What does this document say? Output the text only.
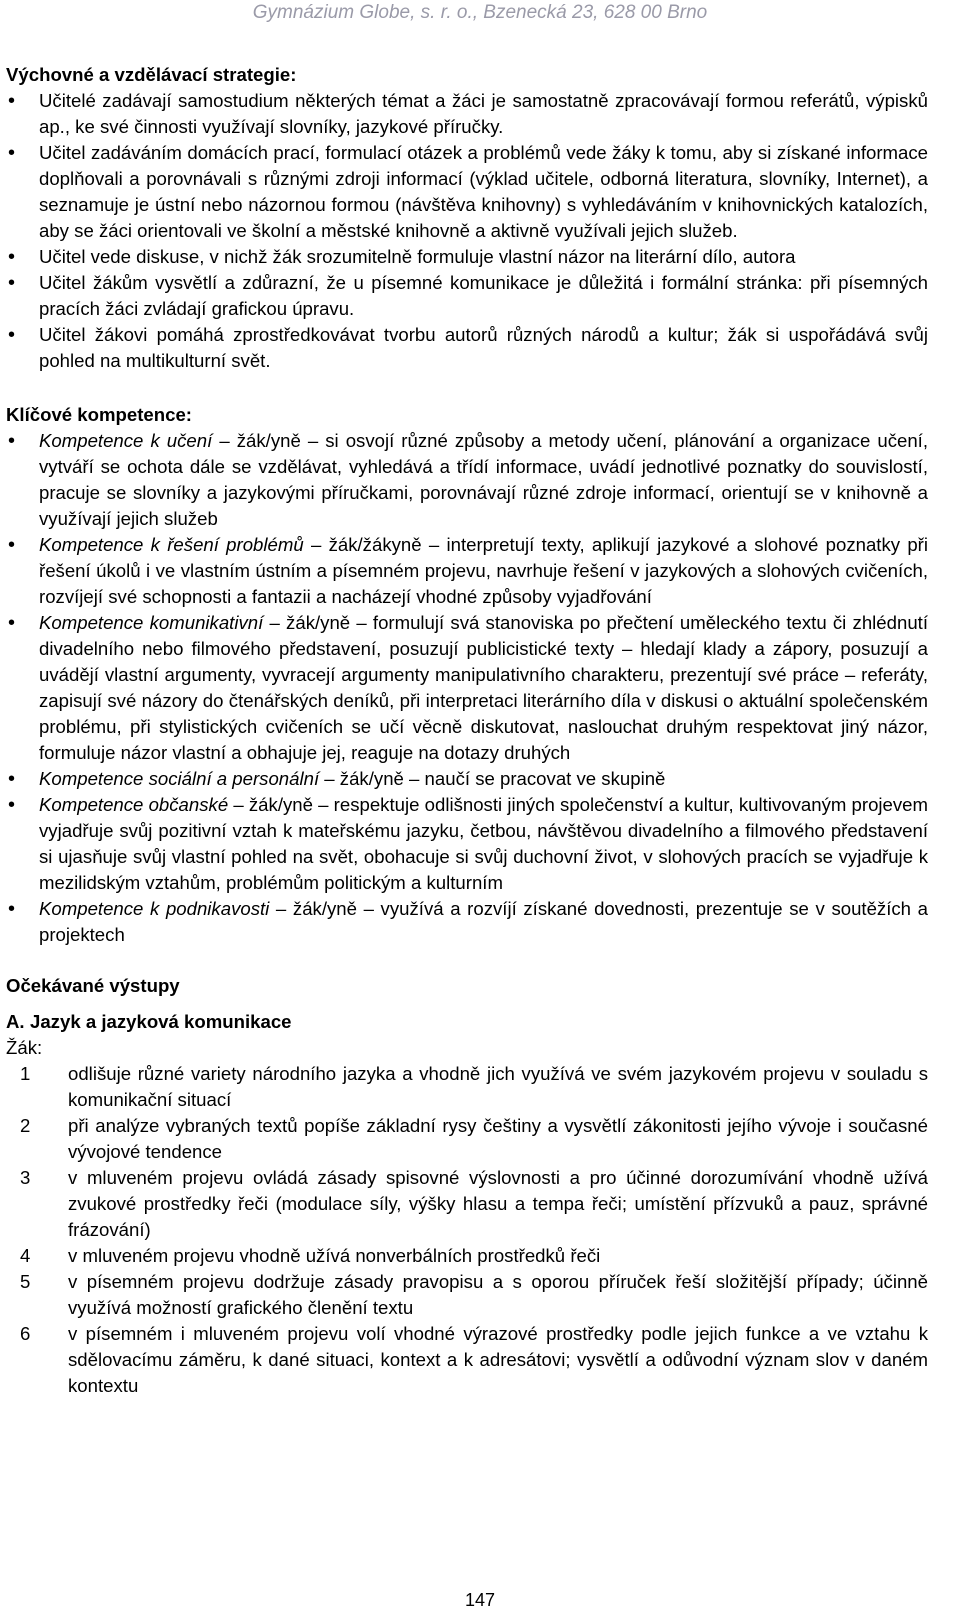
Gymnázium Globe, s. r. o., Bzenecká 23, 628 00 Brno

Výchovné a vzdělávací strategie:

• Učitelé zadávají samostudium některých témat a žáci je samostatně zpracovávají formou referátů, výpisků ap., ke své činnosti využívají slovníky, jazykové příručky.
• Učitel zadáváním domácích prací, formulací otázek a problémů vede žáky k tomu, aby si získané informace doplňovali a porovnávali s různými zdroji informací (výklad učitele, odborná literatura, slovníky, Internet), a seznamuje je ústní nebo názornou formou (návštěva knihovny) s vyhledáváním v knihovnických katalozích, aby se žáci orientovali ve školní a městské knihovně a aktivně využívali jejich služeb.
• Učitel vede diskuse, v nichž žák srozumitelně formuluje vlastní názor na literární dílo, autora
• Učitel žákům vysvětlí a zdůrazní, že u písemné komunikace je důležitá i formální stránka: při písemných pracích žáci zvládají grafickou úpravu.
• Učitel žákovi pomáhá zprostředkovávat tvorbu autorů různých národů a kultur; žák si uspořádává svůj pohled na multikulturní svět.

Klíčové kompetence:

• Kompetence k učení – žák/yně – si osvojí různé způsoby a metody učení, plánování a organizace učení, vytváří se ochota dále se vzdělávat, vyhledává a třídí informace, uvádí jednotlivé poznatky do souvislostí, pracuje se slovníky a jazykovými příručkami, porovnávají různé zdroje informací, orientují se v knihovně a využívají jejich služeb
• Kompetence k řešení problémů – žák/žákyně – interpretují texty, aplikují jazykové a slohové poznatky při řešení úkolů i ve vlastním ústním a písemném projevu, navrhuje řešení v jazykových a slohových cvičeních, rozvíjejí své schopnosti a fantazii a nacházejí vhodné způsoby vyjadřování
• Kompetence komunikativní – žák/yně – formulují svá stanoviska po přečtení uměleckého textu či zhlédnutí divadelního nebo filmového představení, posuzují publicistické texty – hledají klady a zápory, posuzují a uvádějí vlastní argumenty, vyvracejí argumenty manipulativního charakteru, prezentují své práce – referáty, zapisují své názory do čtenářských deníků, při interpretaci literárního díla v diskusi o aktuální společenském problému, při stylistických cvičeních se učí věcně diskutovat, naslouchat druhým respektovat jiný názor, formuluje názor vlastní a obhajuje jej, reaguje na dotazy druhých
• Kompetence sociální a personální – žák/yně – naučí se pracovat ve skupině
• Kompetence občanské – žák/yně – respektuje odlišnosti jiných společenství a kultur, kultivovaným projevem vyjadřuje svůj pozitivní vztah k mateřskému jazyku, četbou, návštěvou divadelního a filmového představení si ujasňuje svůj vlastní pohled na svět, obohacuje si svůj duchovní život, v slohových pracích se vyjadřuje k mezilidským vztahům, problémům politickým a kulturním
• Kompetence k podnikavosti – žák/yně – využívá a rozvíjí získané dovednosti, prezentuje se v soutěžích a projektech

Očekávané výstupy

A. Jazyk a jazyková komunikace

Žák:
1 odlišuje různé variety národního jazyka a vhodně jich využívá ve svém jazykovém projevu v souladu s komunikační situací
2 při analýze vybraných textů popíše základní rysy češtiny a vysvětlí zákonitosti jejího vývoje i současné vývojové tendence
3 v mluveném projevu ovládá zásady spisovné výslovnosti a pro účinné dorozumívání vhodně užívá zvukové prostředky řeči (modulace síly, výšky hlasu a tempa řeči; umístění přízvuků a pauz, správné frázování)
4 v mluveném projevu vhodně užívá nonverbálních prostředků řeči
5 v písemném projevu dodržuje zásady pravopisu a s oporou příruček řeší složitější případy; účinně využívá možností grafického členění textu
6 v písemném i mluveném projevu volí vhodné výrazové prostředky podle jejich funkce a ve vztahu k sdělovacímu záměru, k dané situaci, kontext a k adresátovi; vysvětlí a odůvodní význam slov v daném kontextu
147
